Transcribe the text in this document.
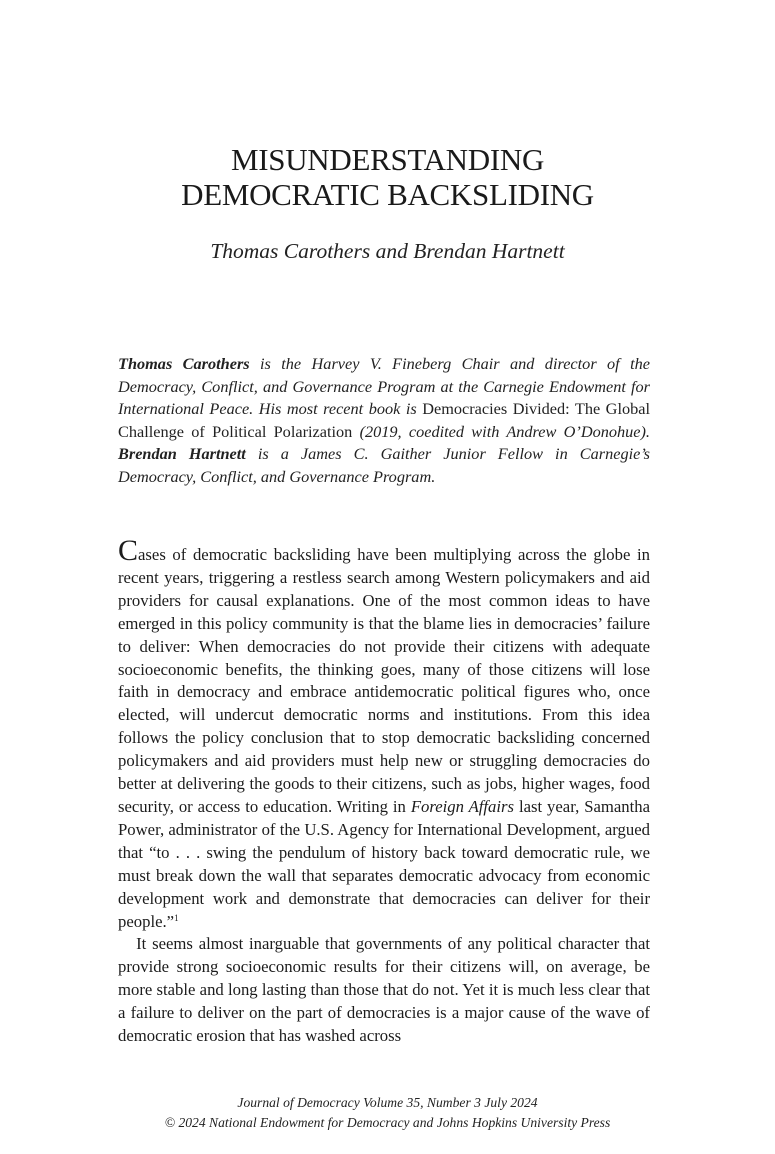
MISUNDERSTANDING
DEMOCRATIC BACKSLIDING
Thomas Carothers and Brendan Hartnett
Thomas Carothers is the Harvey V. Fineberg Chair and director of the Democracy, Conflict, and Governance Program at the Carnegie Endowment for International Peace. His most recent book is Democracies Divided: The Global Challenge of Political Polarization (2019, coedited with Andrew O’Donohue). Brendan Hartnett is a James C. Gaither Junior Fellow in Carnegie’s Democracy, Conflict, and Governance Program.

Cases of democratic backsliding have been multiplying across the globe in recent years, triggering a restless search among Western policymakers and aid providers for causal explanations. One of the most common ideas to have emerged in this policy community is that the blame lies in democracies’ failure to deliver: When democracies do not provide their citizens with adequate socioeconomic benefits, the thinking goes, many of those citizens will lose faith in democracy and embrace antidemocratic political figures who, once elected, will undercut democratic norms and institutions. From this idea follows the policy conclusion that to stop democratic backsliding concerned policymakers and aid providers must help new or struggling democracies do better at delivering the goods to their citizens, such as jobs, higher wages, food security, or access to education. Writing in Foreign Affairs last year, Samantha Power, administrator of the U.S. Agency for International Development, argued that “to . . . swing the pendulum of history back toward democratic rule, we must break down the wall that separates democratic advocacy from economic development work and demonstrate that democracies can deliver for their people.”$^1$

  It seems almost inarguable that governments of any political character that provide strong socioeconomic results for their citizens will, on average, be more stable and long lasting than those that do not. Yet it is much less clear that a failure to deliver on the part of democracies is a major cause of the wave of democratic erosion that has washed across

Journal of Democracy Volume 35, Number 3 July 2024
© 2024 National Endowment for Democracy and Johns Hopkins University Press
